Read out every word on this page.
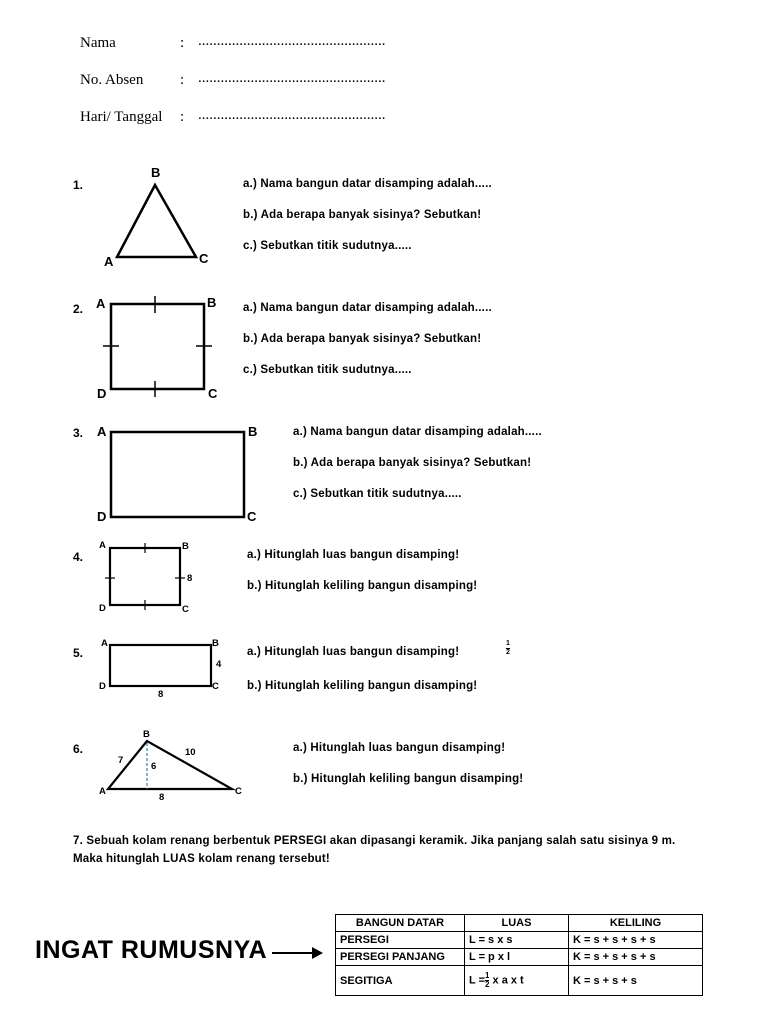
Nama	: ..................................................
No. Absen : ..................................................
Hari/ Tanggal : ..................................................
1.
B
A	C
a.) Nama bangun datar disamping adalah.....
b.) Ada berapa banyak sisinya? Sebutkan!
c.) Sebutkan titik sudutnya.....
2. A	B
D	C
a.) Nama bangun datar disamping adalah.....
b.) Ada berapa banyak sisinya? Sebutkan!
c.) Sebutkan titik sudutnya.....
3. A	B
D	C
a.) Nama bangun datar disamping adalah.....
b.) Ada berapa banyak sisinya? Sebutkan!
c.) Sebutkan titik sudutnya.....
4.
A	B
D	C
8
a.) Hitunglah luas bangun disamping!
b.) Hitunglah keliling bangun disamping!
5.
A	B
D	C
4
8
a.) Hitunglah luas bangun disamping!
b.) Hitunglah keliling bangun disamping!
$\frac{1}{2}$
6.
B
A	C
7
10
6
8
a.) Hitunglah luas bangun disamping!
b.) Hitunglah keliling bangun disamping!
7. Sebuah kolam renang berbentuk PERSEGI akan dipasangi keramik. Jika panjang salah satu sisinya 9 m.
Maka hitunglah LUAS kolam renang tersebut!
INGAT RUMUSNYA
BANGUN DATAR	LUAS	KELILING
PERSEGI	L = s x s	K = s + s + s + s
PERSEGI PANJANG	L = p x l	K = s + s + s + s
SEGITIGA	$L = \frac{1}{2}$ x a x t	K = s + s + s
